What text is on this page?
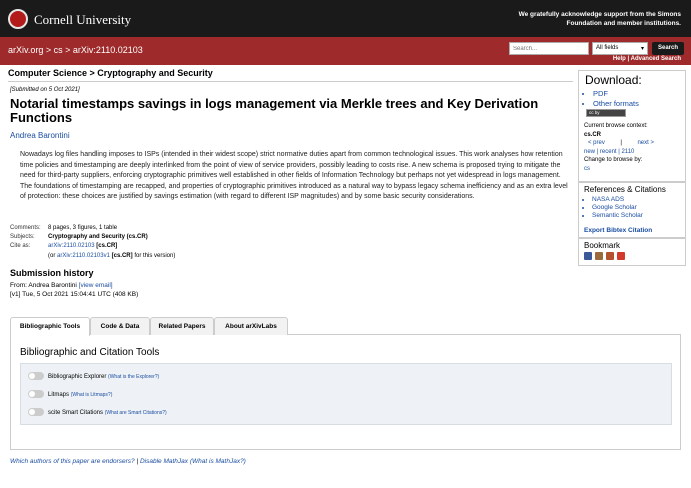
Cornell University	We gratefully acknowledge support from the Simons Foundation and member institutions.
arXiv.org > cs > arXiv:2110.02103
Search...	All fields	▾	Search
Help | Advanced Search
Computer Science > Cryptography and Security
[Submitted on 5 Oct 2021]
Notarial timestamps savings in logs management via Merkle trees and Key Derivation Functions
Andrea Barontini
Nowadays log files handling imposes to ISPs (intended in their widest scope) strict normative duties apart from common technological issues. This work analyses how retention time policies and timestamping are deeply interlinked from the point of view of service providers, possibly leading to costs rise. A new schema is proposed trying to mitigate the need for third-party suppliers, enforcing cryptographic primitives well established in other fields of Information Technology but perhaps not yet widespread in logs management. The foundations of timestamping are recapped, and properties of cryptographic primitives introduced as a natural way to bypass legacy schema inefficiency and as an extra level of protection: these choices are justified by savings estimation (with regard to different ISP magnitudes) and by some basic security considerations.
Comments: 8 pages, 3 figures, 1 table
Subjects: Cryptography and Security (cs.CR)
Cite as:	arXiv:2110.02103 [cs.CR]
(or arXiv:2110.02103v1 [cs.CR] for this version)
Submission history
From: Andrea Barontini [view email]
[v1] Tue, 5 Oct 2021 15:04:41 UTC (408 KB)
Bibliographic Tools	Code & Data	Related Papers	About arXivLabs
Bibliographic and Citation Tools
Bibliographic Explorer (What is the Explorer?)
Litmaps (What is Litmaps?)
scite Smart Citations (What are Smart Citations?)
Which authors of this paper are endorsers? | Disable MathJax (What is MathJax?)
Download:
• PDF
• Other formats
cc by
Current browse context:
cs.CR
< prev	|	next >
new | recent | 2110
Change to browse by:
cs
References & Citations
• NASA ADS
• Google Scholar
• Semantic Scholar
Export Bibtex Citation
Bookmark
